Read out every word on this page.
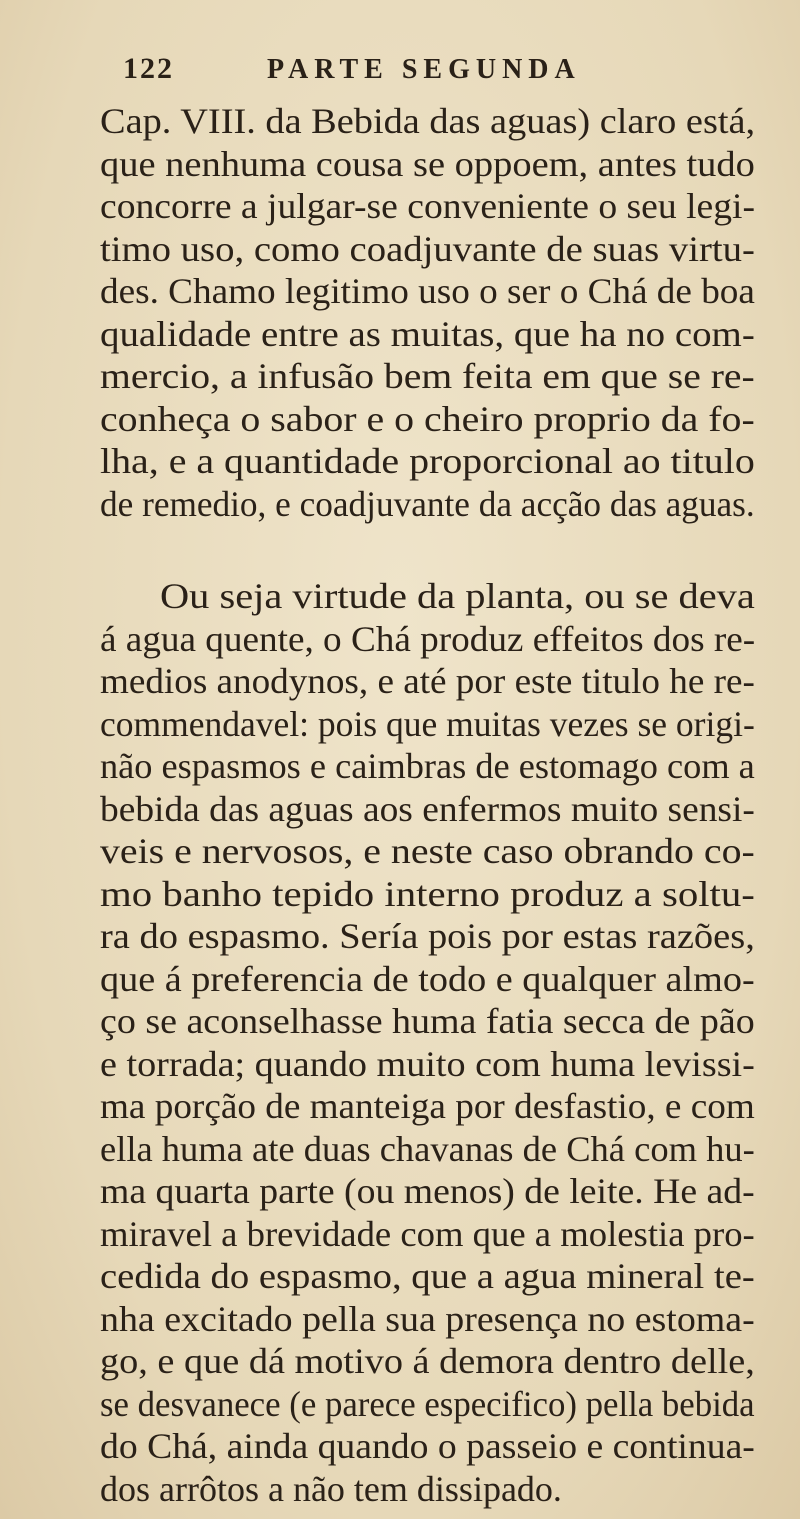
122	PARTE SEGUNDA
Cap. VIII. da Bebida das aguas) claro está,
que nenhuma cousa se oppoem, antes tudo
concorre a julgar-se conveniente o seu legi-
timo uso, como coadjuvante de suas virtu-
des. Chamo legitimo uso o ser o Chá de boa
qualidade entre as muitas, que ha no com-
mercio, a infusão bem feita em que se re-
conheça o sabor e o cheiro proprio da fo-
lha, e a quantidade proporcional ao titulo
de remedio, e coadjuvante da acção das aguas.
Ou seja virtude da planta, ou se deva
á agua quente, o Chá produz effeitos dos re-
medios anodynos, e até por este titulo he re-
commendavel: pois que muitas vezes se origi-
não espasmos e caimbras de estomago com a
bebida das aguas aos enfermos muito sensi-
veis e nervosos, e neste caso obrando co-
mo banho tepido interno produz a soltu-
ra do espasmo. Sería pois por estas razões,
que á preferencia de todo e qualquer almo-
ço se aconselhasse huma fatia secca de pão
e torrada; quando muito com huma levissi-
ma porção de manteiga por desfastio, e com
ella huma ate duas chavanas de Chá com hu-
ma quarta parte (ou menos) de leite. He ad-
miravel a brevidade com que a molestia pro-
cedida do espasmo, que a agua mineral te-
nha excitado pella sua presença no estoma-
go, e que dá motivo á demora dentro delle,
se desvanece (e parece especifico) pella bebida
do Chá, ainda quando o passeio e continua-
dos arrôtos a não tem dissipado.
